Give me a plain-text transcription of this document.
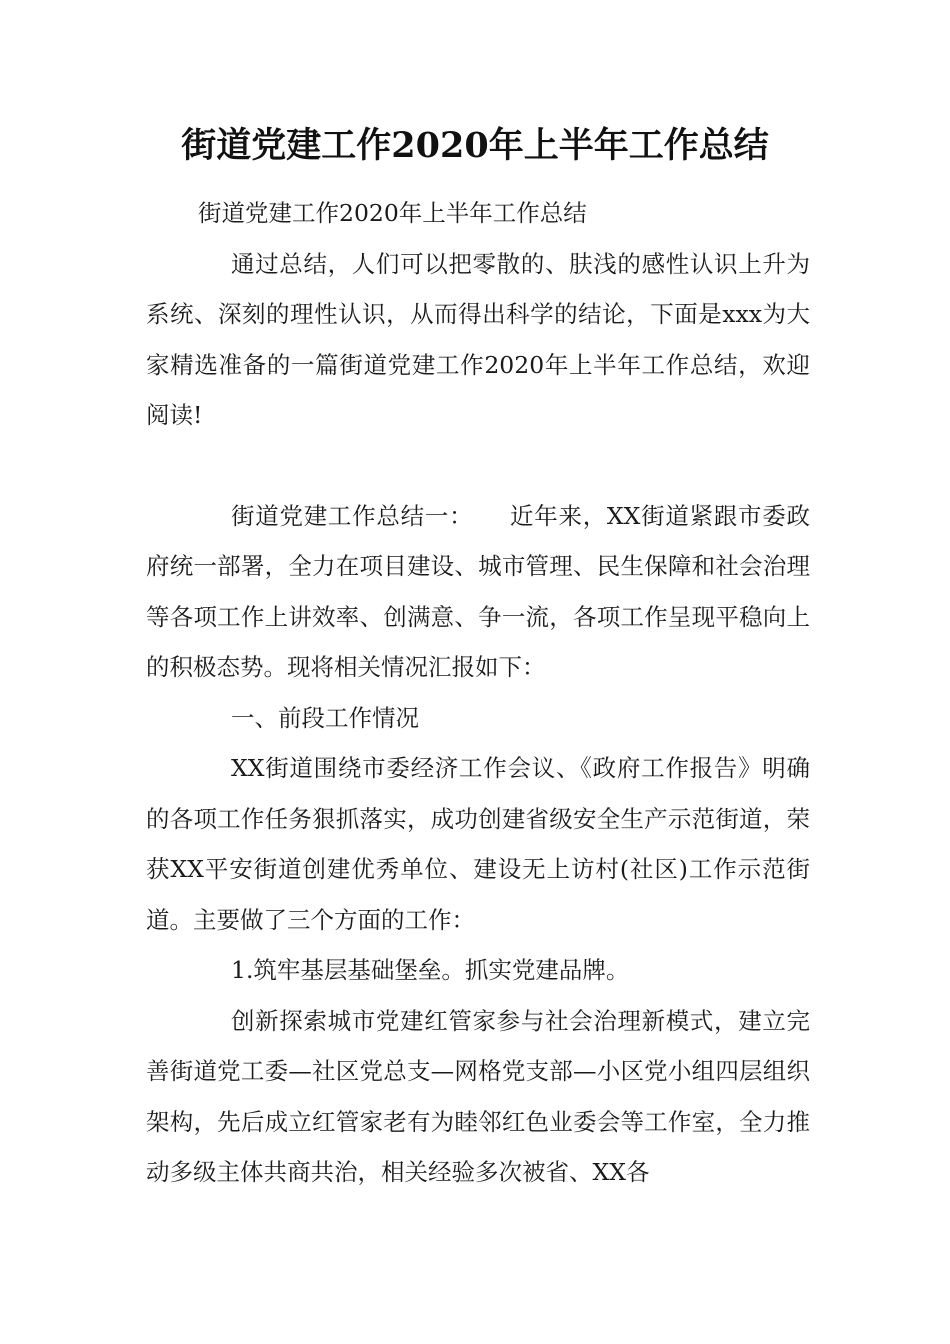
街道党建工作2020年上半年工作总结

街道党建工作2020年上半年工作总结

通过总结，人们可以把零散的、肤浅的感性认识上升为系统、深刻的理性认识，从而得出科学的结论，下面是xxx为大家精选准备的一篇街道党建工作2020年上半年工作总结，欢迎阅读!

街道党建工作总结一：　　近年来，XX街道紧跟市委政府统一部署，全力在项目建设、城市管理、民生保障和社会治理等各项工作上讲效率、创满意、争一流，各项工作呈现平稳向上的积极态势。现将相关情况汇报如下：

一、前段工作情况

XX街道围绕市委经济工作会议、《政府工作报告》明确的各项工作任务狠抓落实，成功创建省级安全生产示范街道，荣获XX平安街道创建优秀单位、建设无上访村(社区)工作示范街道。主要做了三个方面的工作：

1.筑牢基层基础堡垒。抓实党建品牌。

创新探索城市党建红管家参与社会治理新模式，建立完善街道党工委—社区党总支—网格党支部—小区党小组四层组织架构，先后成立红管家老有为睦邻红色业委会等工作室，全力推动多级主体共商共治，相关经验多次被省、XX各
